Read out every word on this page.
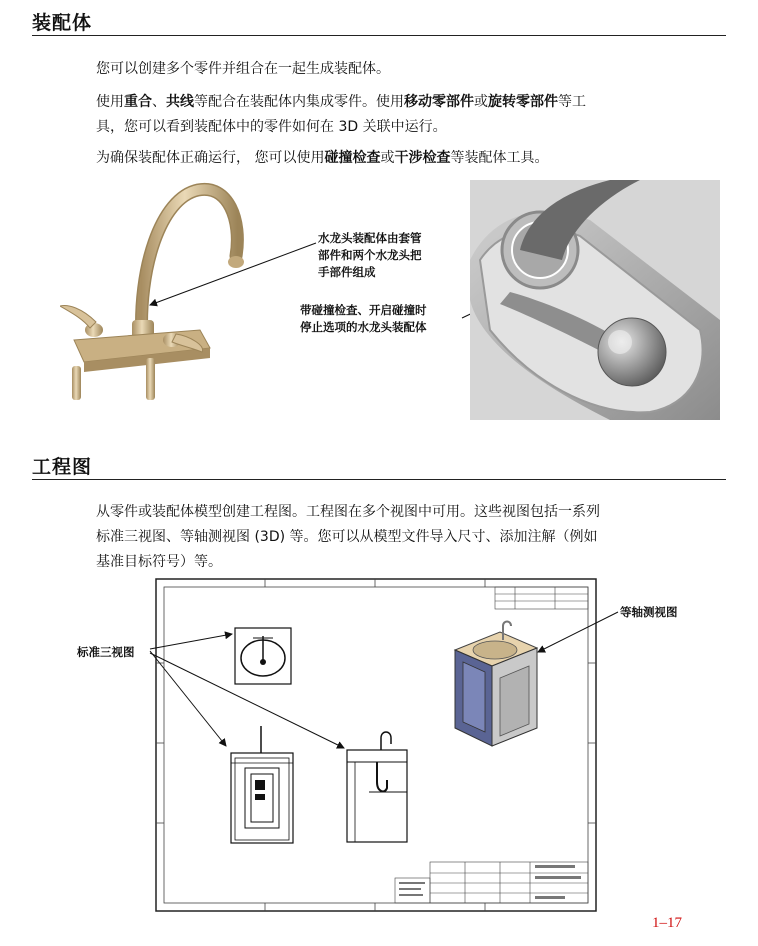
装配体

您可以创建多个零件并组合在一起生成装配体。

使用重合、共线等配合在装配体内集成零件。使用移动零部件或旋转零部件等工
具，您可以看到装配体中的零件如何在 3D 关联中运行。

为确保装配体正确运行， 您可以使用碰撞检查或干涉检查等装配体工具。

水龙头装配体由套管
部件和两个水龙头把
手部件组成
带碰撞检查、开启碰撞时
停止选项的水龙头装配体
工程图
从零件或装配体模型创建工程图。工程图在多个视图中可用。这些视图包括一系列
标准三视图、等轴测视图 (3D) 等。您可以从模型文件导入尺寸、添加注解（例如
基准目标符号）等。
标准三视图
等轴测视图
1–17
